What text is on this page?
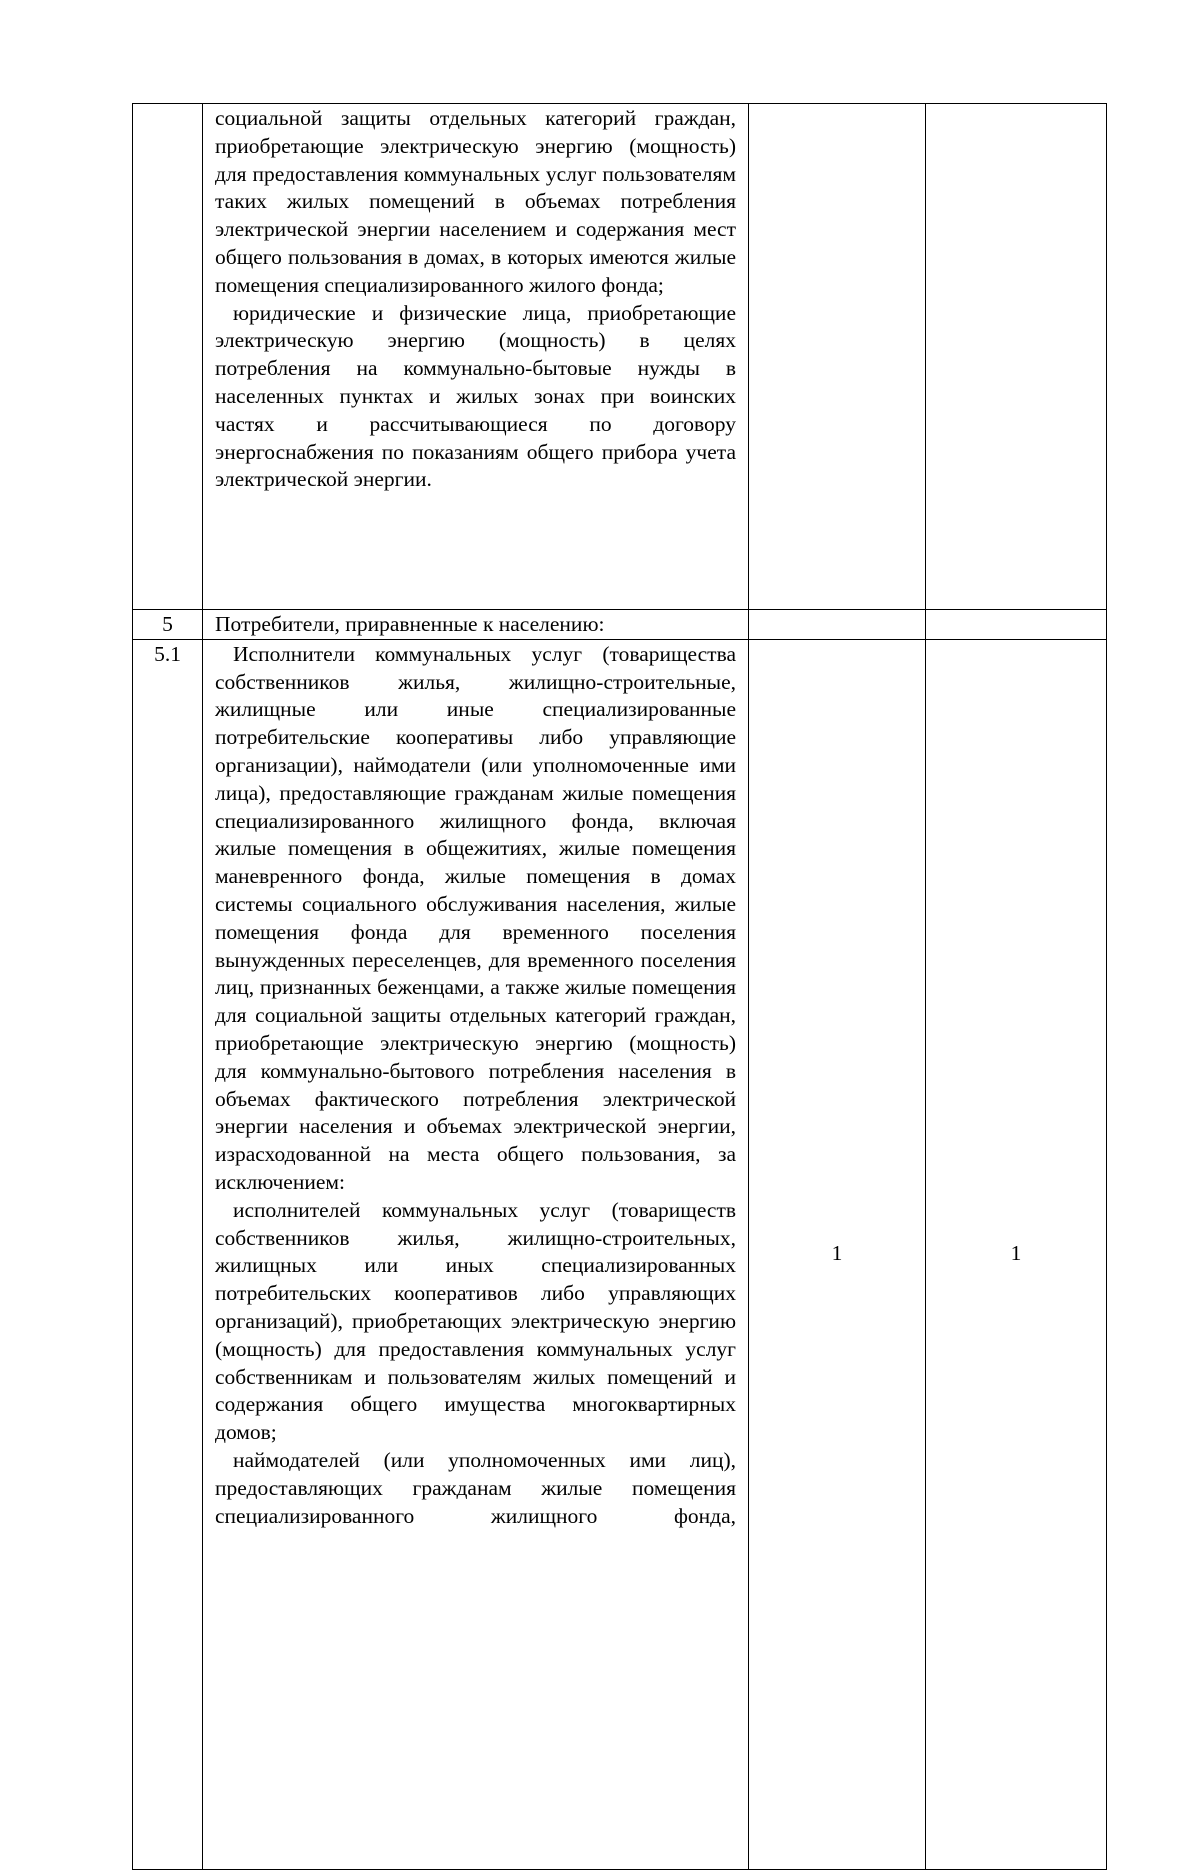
	социальной защиты отдельных категорий граждан, приобретающие электрическую энергию (мощность) для предоставления коммунальных услуг пользователям таких жилых помещений в объемах потребления электрической энергии населением и содержания мест общего пользования в домах, в которых имеются жилые помещения специализированного жилого фонда;

юридические и физические лица, приобретающие электрическую энергию (мощность) в целях потребления на коммунально-бытовые нужды в населенных пунктах и жилых зонах при воинских частях и рассчитывающиеся по договору энергоснабжения по показаниям общего прибора учета электрической энергии.		

5	Потребители, приравненные к населению:		

5.1	Исполнители коммунальных услуг (товарищества собственников жилья, жилищно-строительные, жилищные или иные специализированные потребительские кооперативы либо управляющие организации), наймодатели (или уполномоченные ими лица), предоставляющие гражданам жилые помещения специализированного жилищного фонда, включая жилые помещения в общежитиях, жилые помещения маневренного фонда, жилые помещения в домах системы социального обслуживания населения, жилые помещения фонда для временного поселения вынужденных переселенцев, для временного поселения лиц, признанных беженцами, а также жилые помещения для социальной защиты отдельных категорий граждан, приобретающие электрическую энергию (мощность) для коммунально-бытового потребления населения в объемах фактического потребления электрической энергии населения и объемах электрической энергии, израсходованной на места общего пользования, за исключением:

исполнителей коммунальных услуг (товариществ собственников жилья, жилищно-строительных, жилищных или иных специализированных потребительских кооперативов либо управляющих организаций), приобретающих электрическую энергию (мощность) для предоставления коммунальных услуг собственникам и пользователям жилых помещений и содержания общего имущества многоквартирных домов;

наймодателей (или уполномоченных ими лиц), предоставляющих гражданам жилые помещения специализированного жилищного фонда,	1	1
